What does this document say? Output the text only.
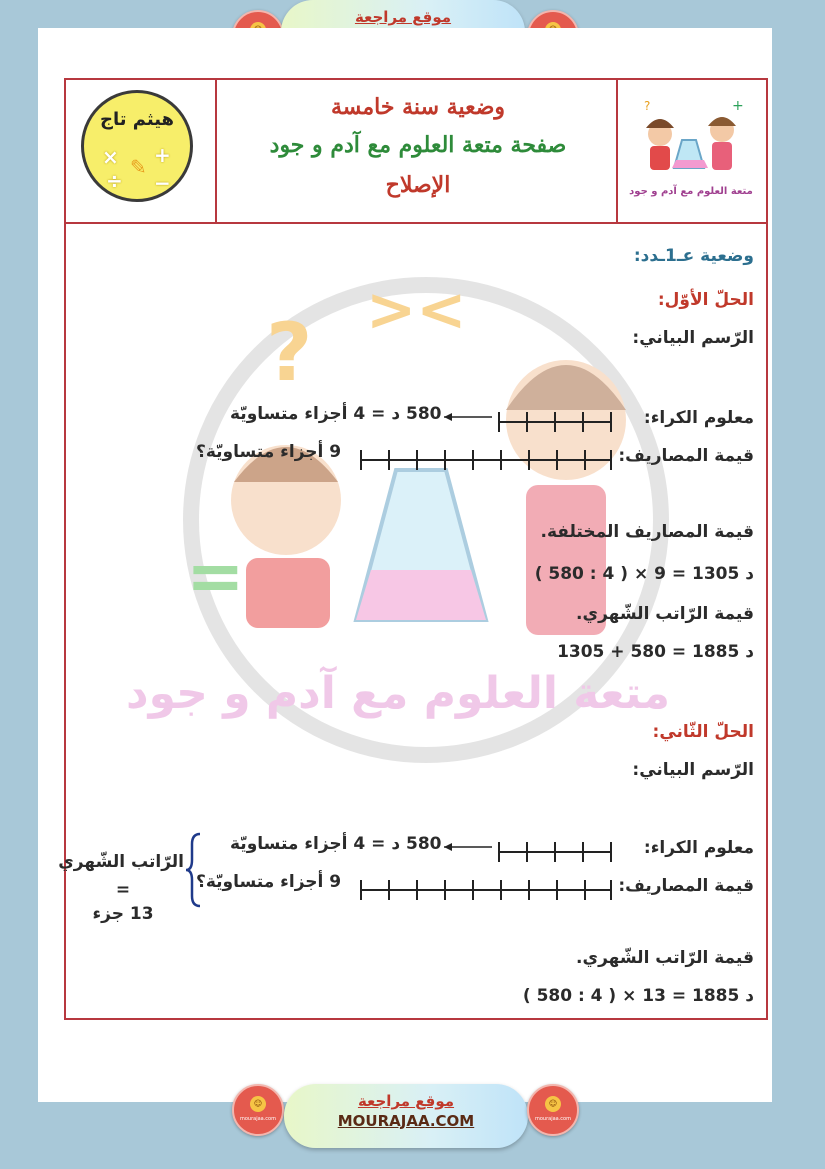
موقع مراجعة
هيثم تاج
× +
✎
÷ −
وضعية سنة خامسة
صفحة متعة العلوم مع آدم و جود
الإصلاح
+
?
متعة العلوم مع آدم و جود
? ><
=
متعة العلوم مع آدم و جود
وضعية عـ1ـدد:
الحلّ الأوّل:
الرّسم البياني:
معلوم الكراء:
580 د = 4 أجزاء متساويّة
قيمة المصاريف:
9 أجزاء متساويّة؟
قيمة المصاريف المختلفة.
( 580 : 4 ) × 9 = 1305 د
قيمة الرّاتب الشّهري.
1305 + 580 = 1885 د
الحلّ الثّاني:
الرّسم البياني:
معلوم الكراء:
580 د = 4 أجزاء متساويّة
قيمة المصاريف:
9 أجزاء متساويّة؟
الرّاتب الشّهري
=
13 جزء
قيمة الرّاتب الشّهري.
( 580 : 4 ) × 13 = 1885 د
☺
mourajaa.com
موقع مراجعة
MOURAJAA.COM
☺
mourajaa.com
